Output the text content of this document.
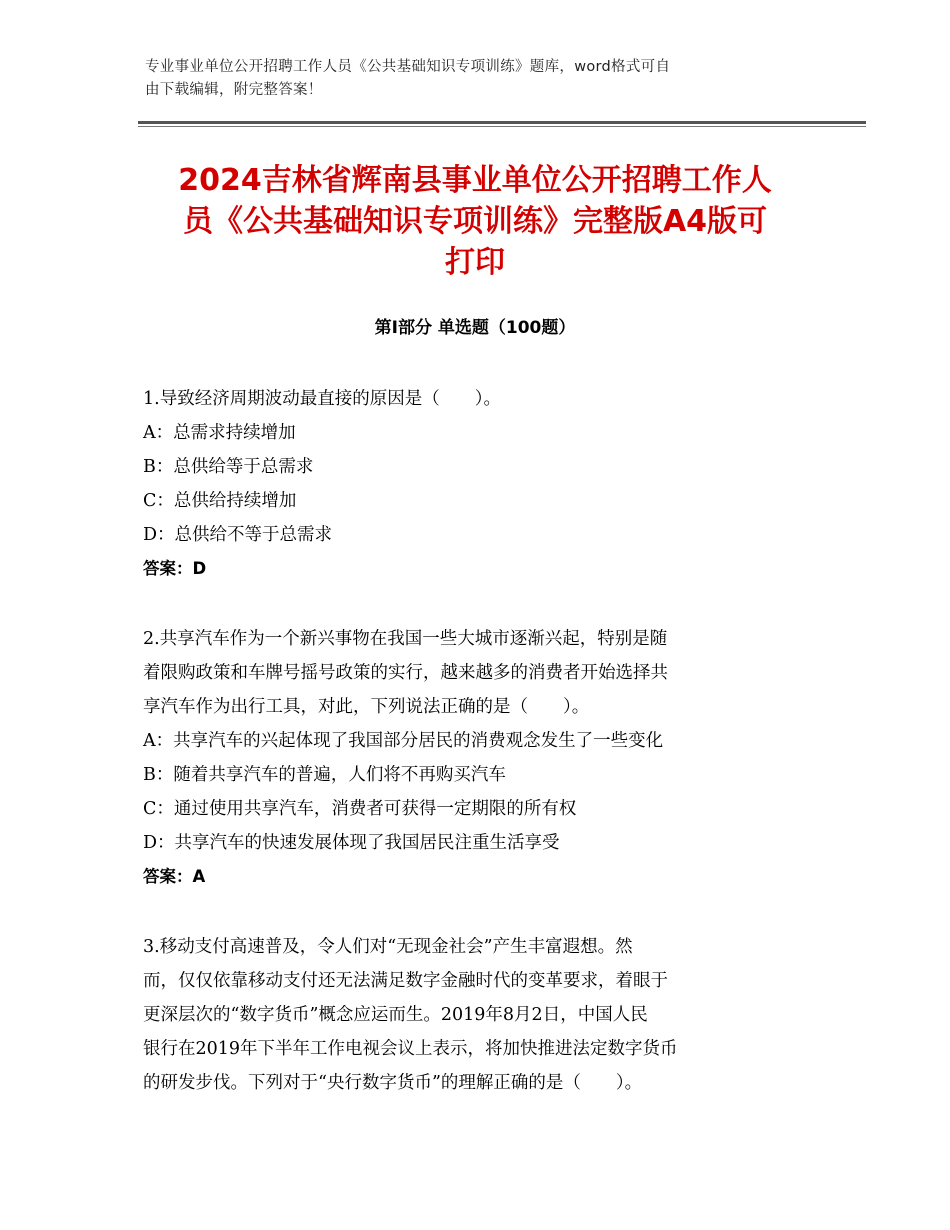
专业事业单位公开招聘工作人员《公共基础知识专项训练》题库，word格式可自
由下载编辑，附完整答案！
2024吉林省辉南县事业单位公开招聘工作人
员《公共基础知识专项训练》完整版A4版可
打印
第Ⅰ部分 单选题（100题）
1.导致经济周期波动最直接的原因是（　　）。
A：总需求持续增加
B：总供给等于总需求
C：总供给持续增加
D：总供给不等于总需求
答案：D
2.共享汽车作为一个新兴事物在我国一些大城市逐渐兴起，特别是随
着限购政策和车牌号摇号政策的实行，越来越多的消费者开始选择共
享汽车作为出行工具，对此，下列说法正确的是（　　）。
A：共享汽车的兴起体现了我国部分居民的消费观念发生了一些变化
B：随着共享汽车的普遍，人们将不再购买汽车
C：通过使用共享汽车，消费者可获得一定期限的所有权
D：共享汽车的快速发展体现了我国居民注重生活享受
答案：A
3.移动支付高速普及，令人们对“无现金社会”产生丰富遐想。然
而，仅仅依靠移动支付还无法满足数字金融时代的变革要求，着眼于
更深层次的“数字货币”概念应运而生。2019年8月2日，中国人民
银行在2019年下半年工作电视会议上表示，将加快推进法定数字货币
的研发步伐。下列对于“央行数字货币”的理解正确的是（　　）。
